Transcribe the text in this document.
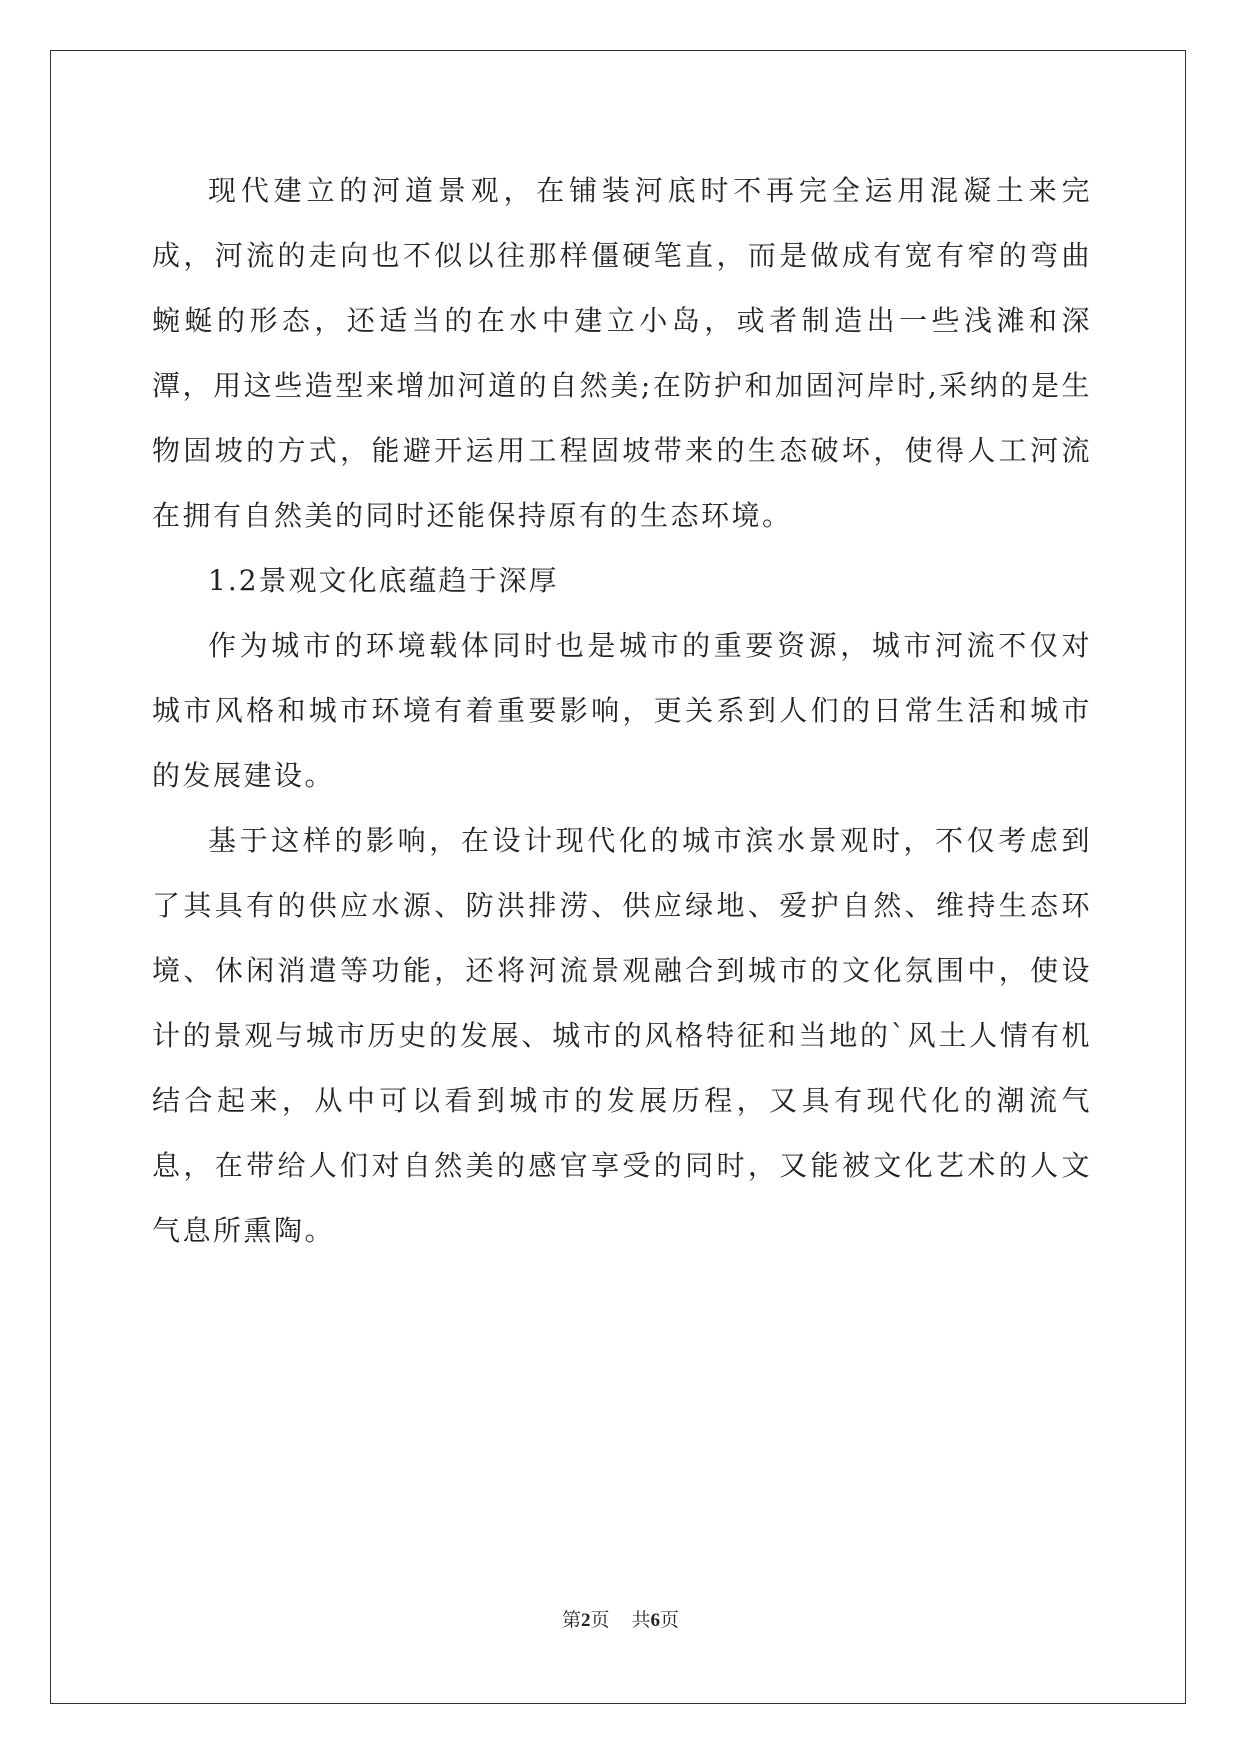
现代建立的河道景观，在铺装河底时不再完全运用混凝土来完成，河流的走向也不似以往那样僵硬笔直，而是做成有宽有窄的弯曲蜿蜒的形态，还适当的在水中建立小岛，或者制造出一些浅滩和深潭，用这些造型来增加河道的自然美;在防护和加固河岸时,采纳的是生物固坡的方式，能避开运用工程固坡带来的生态破坏，使得人工河流在拥有自然美的同时还能保持原有的生态环境。

1.2景观文化底蕴趋于深厚

作为城市的环境载体同时也是城市的重要资源，城市河流不仅对城市风格和城市环境有着重要影响，更关系到人们的日常生活和城市的发展建设。

基于这样的影响，在设计现代化的城市滨水景观时，不仅考虑到了其具有的供应水源、防洪排涝、供应绿地、爱护自然、维持生态环境、休闲消遣等功能，还将河流景观融合到城市的文化氛围中，使设计的景观与城市历史的发展、城市的风格特征和当地的`风土人情有机结合起来，从中可以看到城市的发展历程，又具有现代化的潮流气息，在带给人们对自然美的感官享受的同时，又能被文化艺术的人文气息所熏陶。

第2页 共6页
